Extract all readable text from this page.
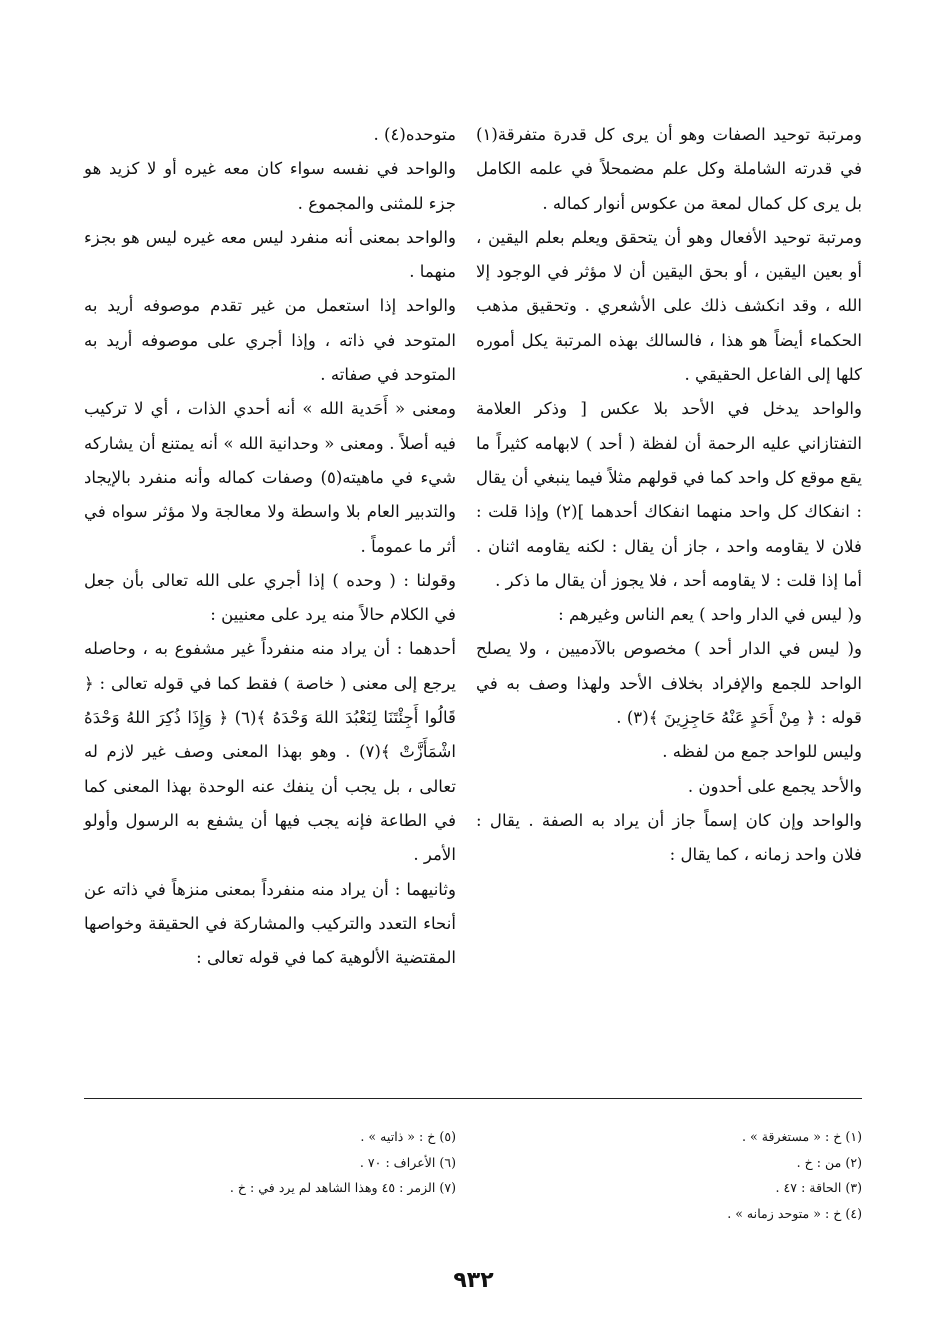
ومرتبة توحيد الصفات وهو أن يرى كل قدرة متفرقة(١) في قدرته الشاملة وكل علم مضمحلاً في علمه الكامل بل يرى كل كمال لمعة من عكوس أنوار كماله .

ومرتبة توحيد الأفعال وهو أن يتحقق ويعلم بعلم اليقين ، أو بعين اليقين ، أو بحق اليقين أن لا مؤثر في الوجود إلا الله ، وقد انكشف ذلك على الأشعري . وتحقيق مذهب الحكماء أيضاً هو هذا ، فالسالك بهذه المرتبة يكل أموره كلها إلى الفاعل الحقيقي .

والواحد يدخل في الأحد بلا عكس [ وذكر العلامة التفتازاني عليه الرحمة أن لفظة ( أحد ) لابهامه كثيراً ما يقع موقع كل واحد كما في قولهم مثلاً فيما ينبغي أن يقال : انفكاك كل واحد منهما انفكاك أحدهما ](٢) وإذا قلت : فلان لا يقاومه واحد ، جاز أن يقال : لكنه يقاومه اثنان . أما إذا قلت : لا يقاومه أحد ، فلا يجوز أن يقال ما ذكر .

و( ليس في الدار واحد ) يعم الناس وغيرهم :

و( ليس في الدار أحد ) مخصوص بالآدميين ، ولا يصلح الواحد للجمع والإفراد بخلاف الأحد ولهذا وصف به في قوله : ﴿ مِنْ أَحَدٍ عَنْهُ حَاجِزِينَ ﴾(٣) .

وليس للواحد جمع من لفظه .

والأحد يجمع على أحدون .

والواحد وإن كان إسماً جاز أن يراد به الصفة . يقال : فلان واحد زمانه ، كما يقال :

متوحده(٤) .

والواحد في نفسه سواء كان معه غيره أو لا كزيد هو جزء للمثنى والمجموع .

والواحد بمعنى أنه منفرد ليس معه غيره ليس هو بجزء منهما .

والواحد إذا استعمل من غير تقدم موصوفه أريد به المتوحد في ذاته ، وإذا أجري على موصوفه أريد به المتوحد في صفاته .

ومعنى « أَحَدية الله » أنه أحدي الذات ، أي لا تركيب فيه أصلاً . ومعنى « وحدانية الله » أنه يمتنع أن يشاركه شيء في ماهيته(٥) وصفات كماله وأنه منفرد بالإيجاد والتدبير العام بلا واسطة ولا معالجة ولا مؤثر سواه في أثر ما عموماً .

وقولنا : ( وحده ) إذا أجري على الله تعالى بأن جعل في الكلام حالاً منه يرد على معنيين :

أحدهما : أن يراد منه منفرداً غير مشفوع به ، وحاصله يرجع إلى معنى ( خاصة ) فقط كما في قوله تعالى : ﴿ قَالُوا أَجِئْتَنَا لِنَعْبُدَ اللهَ وَحْدَهُ ﴾(٦) ﴿ وَإِذَا ذُكِرَ اللهُ وَحْدَهُ اشْمَأَزَّتْ ﴾(٧) . وهو بهذا المعنى وصف غير لازم له تعالى ، بل يجب أن ينفك عنه الوحدة بهذا المعنى كما في الطاعة فإنه يجب فيها أن يشفع به الرسول وأولو الأمر .

وثانيهما : أن يراد منه منفرداً بمعنى منزهاً في ذاته عن أنحاء التعدد والتركيب والمشاركة في الحقيقة وخواصها المقتضية الألوهية كما في قوله تعالى :

(١) خ : « مستغرقة » .

(٢) من : خ .

(٣) الحاقة : ٤٧ .

(٤) خ : « متوحد زمانه » .

(٥) خ : « ذاتيه » .

(٦) الأعراف : ٧٠ .

(٧) الزمر : ٤٥ وهذا الشاهد لم يرد في : خ .

٩٣٢
